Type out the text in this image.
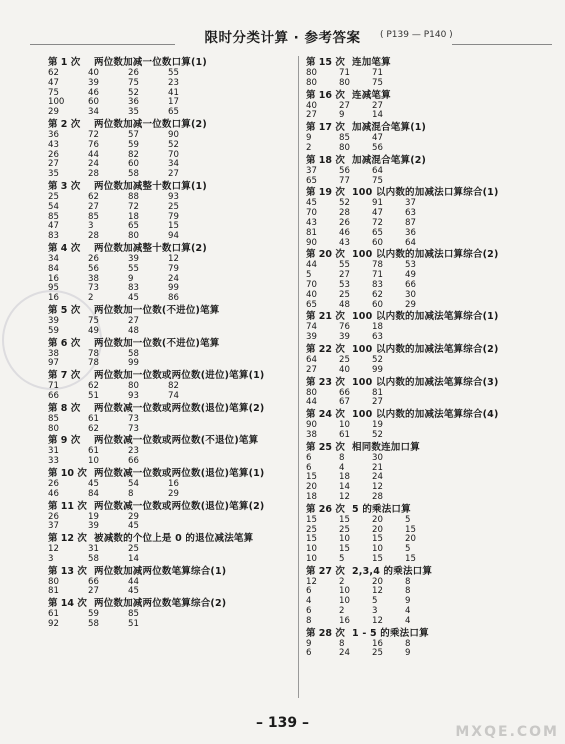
限时分类计算 · 参考答案	( P139 — P140 )
第 1 次	两位数加减一位数口算(1)
62	40	26	55
47	39	75	23
75	46	52	41
100	60	36	17
29	34	35	65
第 2 次	两位数加减一位数口算(2)
36	72	57	90
43	76	59	52
26	44	82	70
27	24	60	34
35	28	58	27
第 3 次	两位数加减整十数口算(1)
25	62	88	93
54	27	72	25
85	85	18	79
47	3	65	15
83	28	80	94
第 4 次	两位数加减整十数口算(2)
34	26	39	12
84	56	55	79
16	38	9	24
95	73	83	99
16	2	45	86
第 5 次	两位数加一位数(不进位)笔算
39	75	27
59	49	48
第 6 次	两位数加一位数(不进位)笔算
38	78	58
97	78	99
第 7 次	两位数加一位数或两位数(进位)笔算(1)
71	62	80	82
66	51	93	74
第 8 次	两位数减一位数或两位数(退位)笔算(2)
85	61	73
80	62	73
第 9 次	两位数减一位数或两位数(不退位)笔算
31	61	23
33	10	66
第 10 次 两位数减一位数或两位数(退位)笔算(1)
26	45	54	16
46	84	8	29
第 11 次 两位数减一位数或两位数(退位)笔算(2)
26	19	29
37	39	45
第 12 次 被减数的个位上是 0 的退位减法笔算
12	31	25
3	58	14
第 13 次 两位数加减两位数笔算综合(1)
80	66	44
81	27	45
第 14 次 两位数加减两位数笔算综合(2)
61	59	85
92	58	51
第 15 次 连加笔算
80	71	71
80	80	75
第 16 次 连减笔算
40	27	27
27	9	14
第 17 次 加减混合笔算(1)
9	85	47
2	80	56
第 18 次 加减混合笔算(2)
37	56	64
65	77	75
第 19 次 100 以内数的加减法口算综合(1)
45	52	91	37
70	28	47	63
43	26	72	87
81	46	65	36
90	43	60	64
第 20 次 100 以内数的加减法口算综合(2)
44	55	78	53
5	27	71	49
70	53	83	66
40	25	62	30
65	48	60	29
第 21 次 100 以内数的加减法笔算综合(1)
74	76	18
39	39	63
第 22 次 100 以内数的加减法笔算综合(2)
64	25	52
27	40	99
第 23 次 100 以内数的加减法笔算综合(3)
80	66	81
44	67	27
第 24 次 100 以内数的加减法笔算综合(4)
90	10	19
38	61	52
第 25 次 相同数连加口算
6	8	30
6	4	21
15	18	24
20	14	12
18	12	28
第 26 次 5 的乘法口算
15	15	20	5
25	25	20	15
15	10	15	20
10	15	10	5
10	5	15	15
第 27 次 2,3,4 的乘法口算
12	2	20	8
6	10	12	8
4	10	5	9
6	2	3	4
8	16	12	4
第 28 次 1 - 5 的乘法口算
9	8	16	8
6	24	25	9
– 139 –
MXQE.COM
